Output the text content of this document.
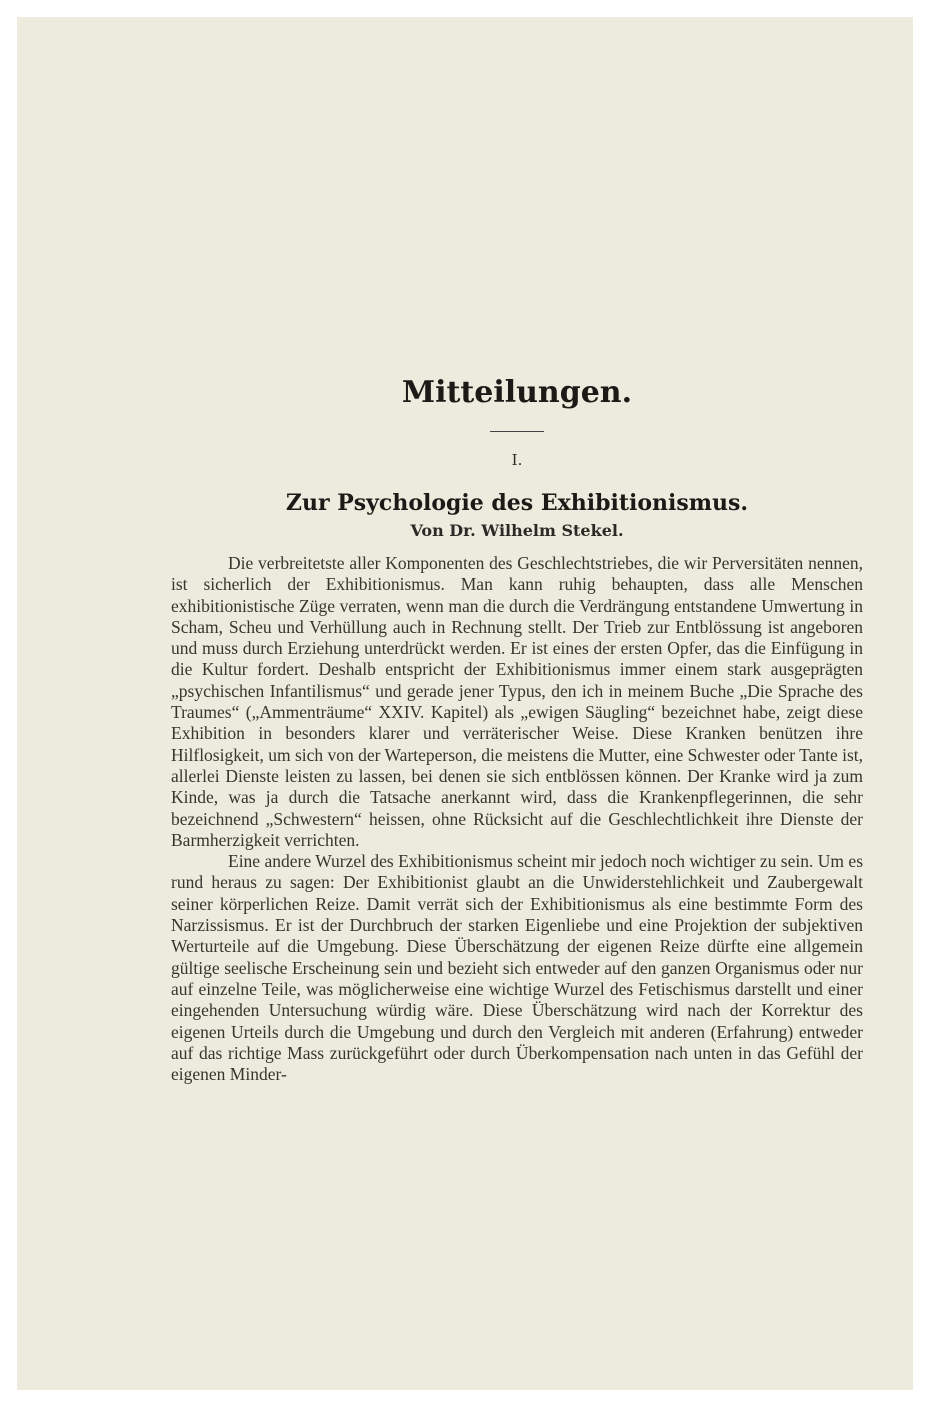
Mitteilungen.
I.
Zur Psychologie des Exhibitionismus.
Von Dr. Wilhelm Stekel.

Die verbreitetste aller Komponenten des Geschlechtstriebes, die wir Perversitäten nennen, ist sicherlich der Exhibitionismus. Man kann ruhig behaupten, dass alle Menschen exhibitionistische Züge verraten, wenn man die durch die Verdrängung entstandene Umwertung in Scham, Scheu und Verhüllung auch in Rechnung stellt. Der Trieb zur Entblössung ist angeboren und muss durch Erziehung unterdrückt werden. Er ist eines der ersten Opfer, das die Einfügung in die Kultur fordert. Deshalb entspricht der Exhibitionismus immer einem stark ausgeprägten „psychischen Infantilismus“ und gerade jener Typus, den ich in meinem Buche „Die Sprache des Traumes“ („Ammenträume“ XXIV. Kapitel) als „ewigen Säugling“ bezeichnet habe, zeigt diese Exhibition in besonders klarer und verräterischer Weise. Diese Kranken benützen ihre Hilflosigkeit, um sich von der Warteperson, die meistens die Mutter, eine Schwester oder Tante ist, allerlei Dienste leisten zu lassen, bei denen sie sich entblössen können. Der Kranke wird ja zum Kinde, was ja durch die Tatsache anerkannt wird, dass die Krankenpflegerinnen, die sehr bezeichnend „Schwestern“ heissen, ohne Rücksicht auf die Geschlechtlichkeit ihre Dienste der Barmherzigkeit verrichten.

Eine andere Wurzel des Exhibitionismus scheint mir jedoch noch wichtiger zu sein. Um es rund heraus zu sagen: Der Exhibitionist glaubt an die Unwiderstehlichkeit und Zaubergewalt seiner körperlichen Reize. Damit verrät sich der Exhibitionismus als eine bestimmte Form des Narzissismus. Er ist der Durchbruch der starken Eigenliebe und eine Projektion der subjektiven Werturteile auf die Umgebung. Diese Überschätzung der eigenen Reize dürfte eine allgemein gültige seelische Erscheinung sein und bezieht sich entweder auf den ganzen Organismus oder nur auf einzelne Teile, was möglicherweise eine wichtige Wurzel des Fetischismus darstellt und einer eingehenden Untersuchung würdig wäre. Diese Überschätzung wird nach der Korrektur des eigenen Urteils durch die Umgebung und durch den Vergleich mit anderen (Erfahrung) entweder auf das richtige Mass zurückgeführt oder durch Überkompensation nach unten in das Gefühl der eigenen Minder-
